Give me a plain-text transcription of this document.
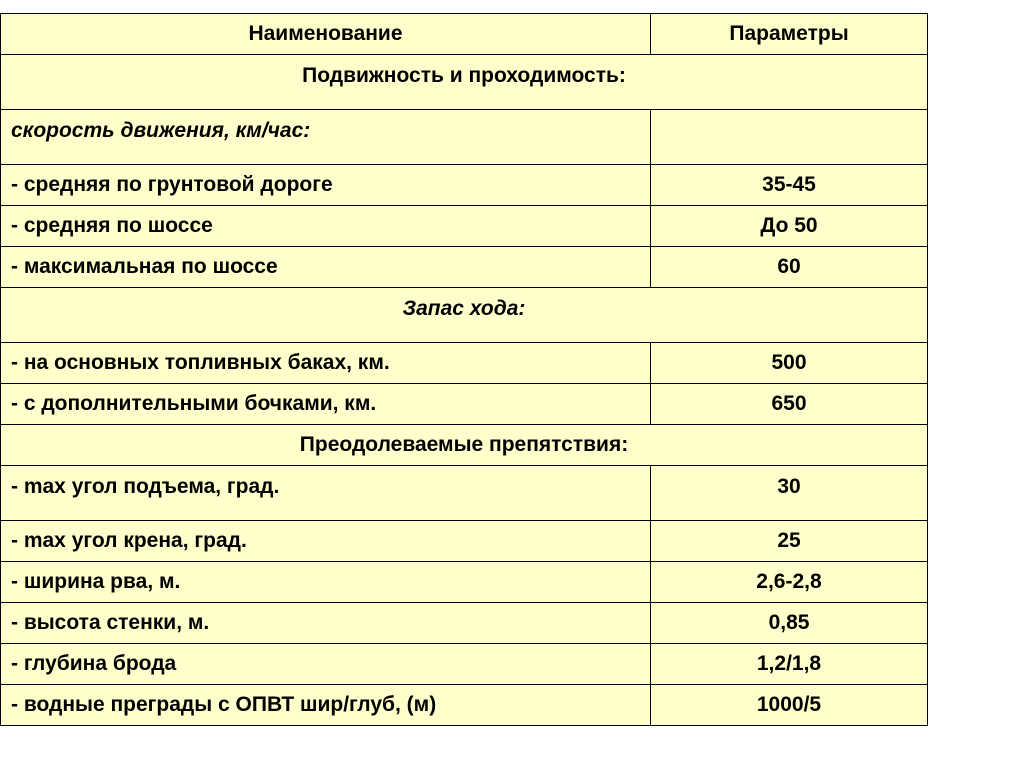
Наименование	Параметры
Подвижность и проходимость:	
скорость движения, км/час:	
- средняя по грунтовой дороге	35-45
- средняя по шоссе	До 50
- максимальная по шоссе	60
Запас хода:	
- на основных топливных баках, км.	500
- с дополнительными бочками, км.	650
Преодолеваемые препятствия:	
- max угол подъема, град.	30
- max угол крена, град.	25
- ширина рва, м.	2,6-2,8
- высота стенки, м.	0,85
- глубина брода	1,2/1,8
- водные преграды с ОПВТ шир/глуб, (м)	1000/5
